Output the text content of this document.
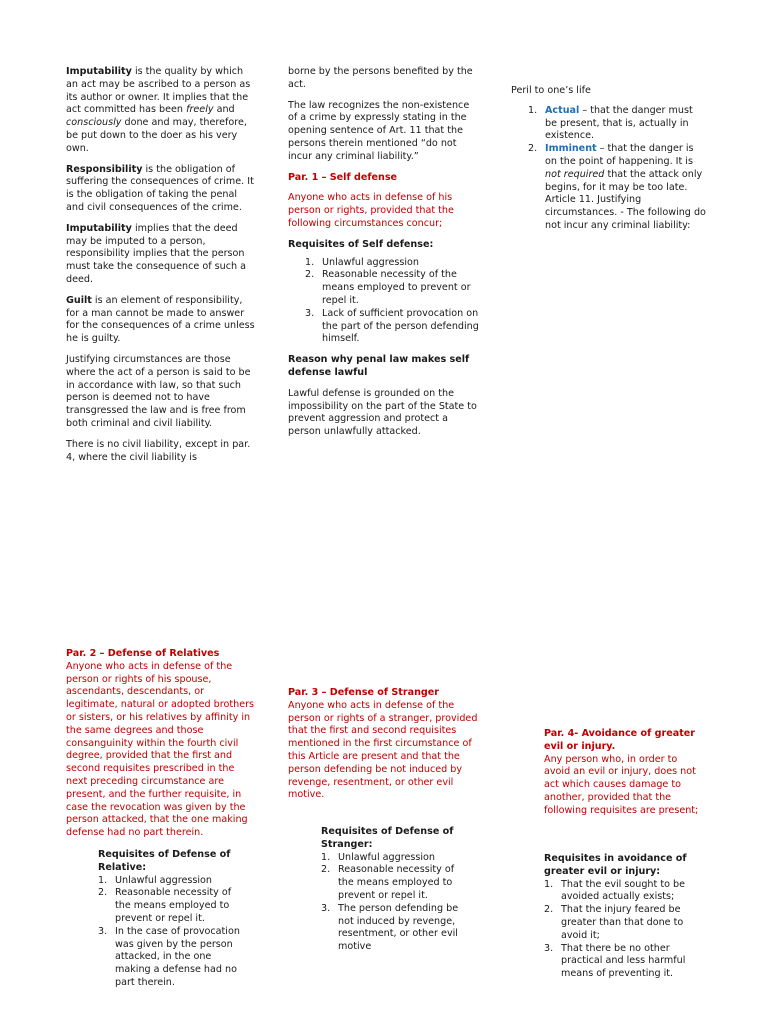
Imputability is the quality by which an act may be ascribed to a person as its author or owner. It implies that the act committed has been freely and consciously done and may, therefore, be put down to the doer as his very own.

Responsibility is the obligation of suffering the consequences of crime. It is the obligation of taking the penal and civil consequences of the crime.

Imputability implies that the deed may be imputed to a person, responsibility implies that the person must take the consequence of such a deed.

Guilt is an element of responsibility, for a man cannot be made to answer for the consequences of a crime unless he is guilty.

Justifying circumstances are those where the act of a person is said to be in accordance with law, so that such person is deemed not to have transgressed the law and is free from both criminal and civil liability.

There is no civil liability, except in par. 4, where the civil liability is

borne by the persons benefited by the act.

The law recognizes the non-existence of a crime by expressly stating in the opening sentence of Art. 11 that the persons therein mentioned “do not incur any criminal liability.”

Par. 1 – Self defense

Anyone who acts in defense of his person or rights, provided that the following circumstances concur;

Requisites of Self defense:

1. Unlawful aggression
2. Reasonable necessity of the means employed to prevent or repel it.
3. Lack of sufficient provocation on the part of the person defending himself.

Reason why penal law makes self defense lawful

Lawful defense is grounded on the impossibility on the part of the State to prevent aggression and protect a person unlawfully attacked.

Peril to one’s life

1. Actual – that the danger must be present, that is, actually in existence.
2. Imminent – that the danger is on the point of happening. It is not required that the attack only begins, for it may be too late.

Article 11. Justifying circumstances. - The following do not incur any criminal liability:

Par. 2 – Defense of Relatives

Anyone who acts in defense of the person or rights of his spouse, ascendants, descendants, or legitimate, natural or adopted brothers or sisters, or his relatives by affinity in the same degrees and those consanguinity within the fourth civil degree, provided that the first and second requisites prescribed in the next preceding circumstance are present, and the further requisite, in case the revocation was given by the person attacked, that the one making defense had no part therein.

Requisites of Defense of Relative:
1. Unlawful aggression
2. Reasonable necessity of the means employed to prevent or repel it.
3. In the case of provocation was given by the person attacked, in the one making a defense had no part therein.
Par. 3 – Defense of Stranger

Anyone who acts in defense of the person or rights of a stranger, provided that the first and second requisites mentioned in the first circumstance of this Article are present and that the person defending be not induced by revenge, resentment, or other evil motive.

Requisites of Defense of Stranger:
1. Unlawful aggression
2. Reasonable necessity of the means employed to prevent or repel it.
3. The person defending be not induced by revenge, resentment, or other evil motive
Par. 4- Avoidance of greater evil or injury.

Any person who, in order to avoid an evil or injury, does not act which causes damage to another, provided that the following requisites are present;

Requisites in avoidance of greater evil or injury:
1. That the evil sought to be avoided actually exists;
2. That the injury feared be greater than that done to avoid it;
3. That there be no other practical and less harmful means of preventing it.
